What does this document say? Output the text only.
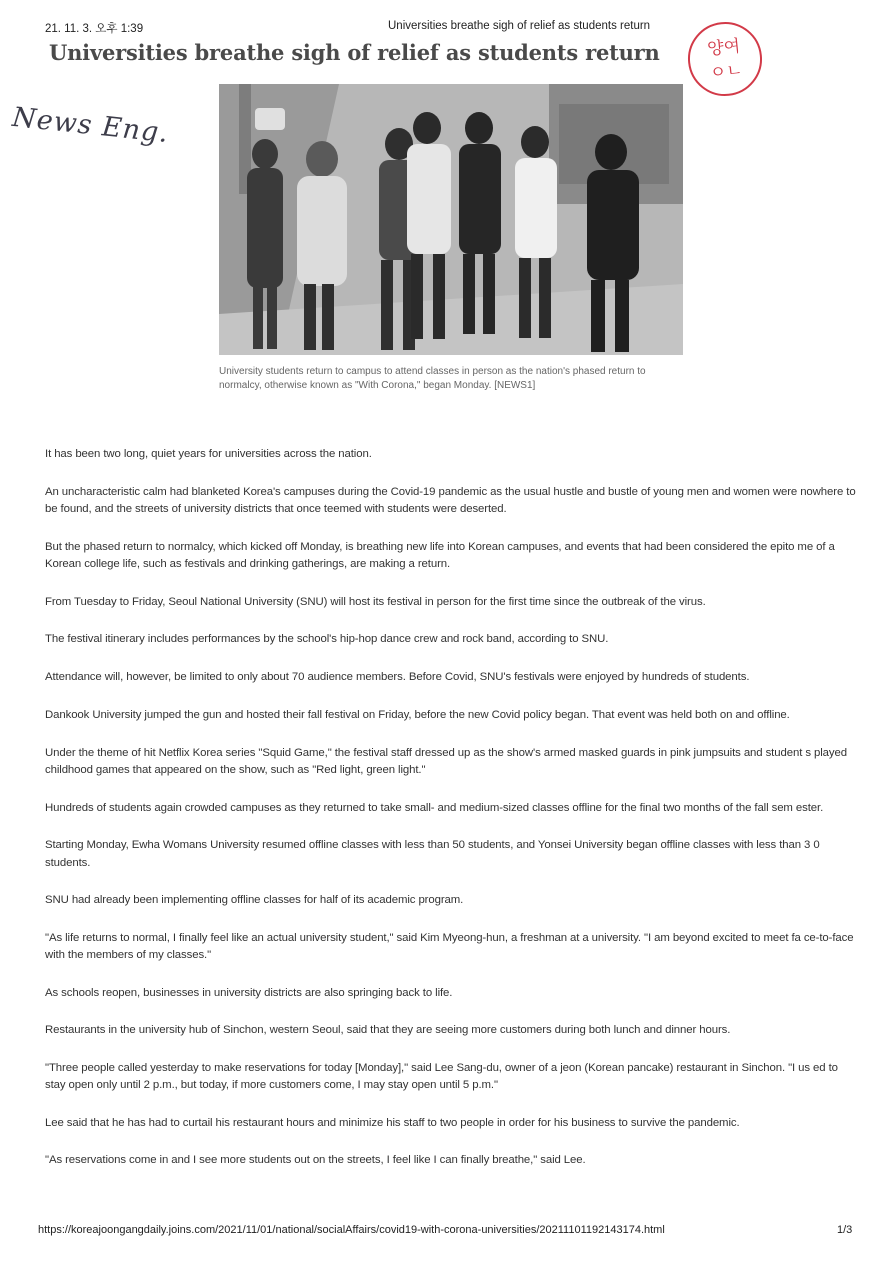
21. 11. 3. 오후 1:39	Universities breathe sigh of relief as students return
Universities breathe sigh of relief as students return	양여
ㅇㄴ
News Eng.
University students return to campus to attend classes in person as the nation's phased return to normalcy, otherwise known as "With Corona," began Monday. [NEWS1]

It has been two long, quiet years for universities across the nation.

An uncharacteristic calm had blanketed Korea's campuses during the Covid-19 pandemic as the usual hustle and bustle of young men and women were nowhere to be found, and the streets of university districts that once teemed with students were deserted.

But the phased return to normalcy, which kicked off Monday, is breathing new life into Korean campuses, and events that had been considered the epito me of a Korean college life, such as festivals and drinking gatherings, are making a return.

From Tuesday to Friday, Seoul National University (SNU) will host its festival in person for the first time since the outbreak of the virus.

The festival itinerary includes performances by the school's hip-hop dance crew and rock band, according to SNU.

Attendance will, however, be limited to only about 70 audience members. Before Covid, SNU's festivals were enjoyed by hundreds of students.

Dankook University jumped the gun and hosted their fall festival on Friday, before the new Covid policy began. That event was held both on and offline.

Under the theme of hit Netflix Korea series "Squid Game," the festival staff dressed up as the show's armed masked guards in pink jumpsuits and student s played childhood games that appeared on the show, such as "Red light, green light."

Hundreds of students again crowded campuses as they returned to take small- and medium-sized classes offline for the final two months of the fall sem ester.

Starting Monday, Ewha Womans University resumed offline classes with less than 50 students, and Yonsei University began offline classes with less than 3 0 students.

SNU had already been implementing offline classes for half of its academic program.

"As life returns to normal, I finally feel like an actual university student," said Kim Myeong-hun, a freshman at a university. "I am beyond excited to meet fa ce-to-face with the members of my classes."

As schools reopen, businesses in university districts are also springing back to life.

Restaurants in the university hub of Sinchon, western Seoul, said that they are seeing more customers during both lunch and dinner hours.

"Three people called yesterday to make reservations for today [Monday]," said Lee Sang-du, owner of a jeon (Korean pancake) restaurant in Sinchon. "I us ed to stay open only until 2 p.m., but today, if more customers come, I may stay open until 5 p.m."

Lee said that he has had to curtail his restaurant hours and minimize his staff to two people in order for his business to survive the pandemic.

"As reservations come in and I see more students out on the streets, I feel like I can finally breathe," said Lee.

https://koreajoongangdaily.joins.com/2021/11/01/national/socialAffairs/covid19-with-corona-universities/20211101192143174.html	1/3
